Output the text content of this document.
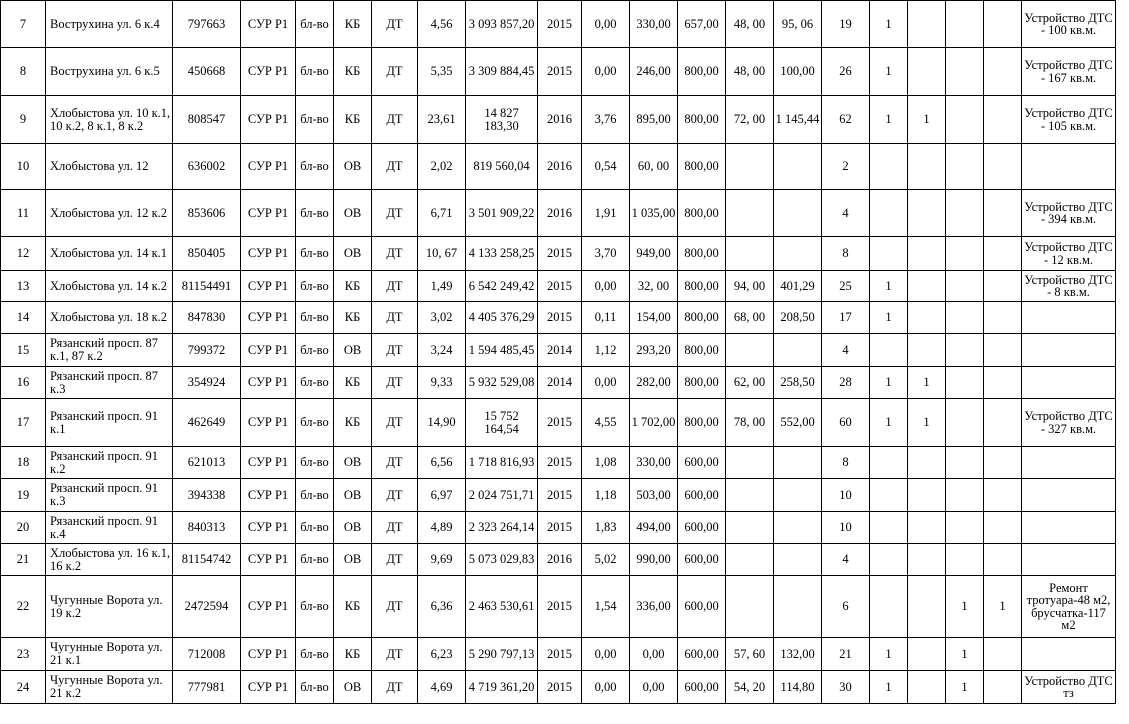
7	Вострухина ул. 6 к.4	797663	СУР Р1	бл-во	КБ	ДТ	4,56	3 093 857,20	2015	0,00	330,00	657,00	48, 00	95, 06	19	1				Устройство ДТС - 100 кв.м.
8	Вострухина ул. 6 к.5	450668	СУР Р1	бл-во	КБ	ДТ	5,35	3 309 884,45	2015	0,00	246,00	800,00	48, 00	100,00	26	1				Устройство ДТС - 167 кв.м.
9	Хлобыстова ул. 10 к.1, 10 к.2, 8 к.1, 8 к.2	808547	СУР Р1	бл-во	КБ	ДТ	23,61	14 827 183,30	2016	3,76	895,00	800,00	72, 00	1 145,44	62	1	1			Устройство ДТС - 105 кв.м.
10	Хлобыстова ул. 12	636002	СУР Р1	бл-во	ОВ	ДТ	2,02	819 560,04	2016	0,54	60, 00	800,00			2					
11	Хлобыстова ул. 12 к.2	853606	СУР Р1	бл-во	ОВ	ДТ	6,71	3 501 909,22	2016	1,91	1 035,00	800,00			4					Устройство ДТС - 394 кв.м.
12	Хлобыстова ул. 14 к.1	850405	СУР Р1	бл-во	ОВ	ДТ	10, 67	4 133 258,25	2015	3,70	949,00	800,00			8					Устройство ДТС - 12 кв.м.
13	Хлобыстова ул. 14 к.2	81154491	СУР Р1	бл-во	КБ	ДТ	1,49	6 542 249,42	2015	0,00	32, 00	800,00	94, 00	401,29	25	1				Устройство ДТС - 8 кв.м.
14	Хлобыстова ул. 18 к.2	847830	СУР Р1	бл-во	КБ	ДТ	3,02	4 405 376,29	2015	0,11	154,00	800,00	68, 00	208,50	17	1				
15	Рязанский просп. 87 к.1, 87 к.2	799372	СУР Р1	бл-во	ОВ	ДТ	3,24	1 594 485,45	2014	1,12	293,20	800,00			4					
16	Рязанский просп. 87 к.3	354924	СУР Р1	бл-во	КБ	ДТ	9,33	5 932 529,08	2014	0,00	282,00	800,00	62, 00	258,50	28	1	1			
17	Рязанский просп. 91 к.1	462649	СУР Р1	бл-во	КБ	ДТ	14,90	15 752 164,54	2015	4,55	1 702,00	800,00	78, 00	552,00	60	1	1			Устройство ДТС - 327 кв.м.
18	Рязанский просп. 91 к.2	621013	СУР Р1	бл-во	ОВ	ДТ	6,56	1 718 816,93	2015	1,08	330,00	600,00			8					
19	Рязанский просп. 91 к.3	394338	СУР Р1	бл-во	ОВ	ДТ	6,97	2 024 751,71	2015	1,18	503,00	600,00			10					
20	Рязанский просп. 91 к.4	840313	СУР Р1	бл-во	ОВ	ДТ	4,89	2 323 264,14	2015	1,83	494,00	600,00			10					
21	Хлобыстова ул. 16 к.1, 16 к.2	81154742	СУР Р1	бл-во	ОВ	ДТ	9,69	5 073 029,83	2016	5,02	990,00	600,00			4					
22	Чугунные Ворота ул. 19 к.2	2472594	СУР Р1	бл-во	КБ	ДТ	6,36	2 463 530,61	2015	1,54	336,00	600,00			6			1	1	Ремонт тротуара-48 м2, брусчатка-117 м2
23	Чугунные Ворота ул. 21 к.1	712008	СУР Р1	бл-во	КБ	ДТ	6,23	5 290 797,13	2015	0,00	0,00	600,00	57, 60	132,00	21	1		1		
24	Чугунные Ворота ул. 21 к.2	777981	СУР Р1	бл-во	ОВ	ДТ	4,69	4 719 361,20	2015	0,00	0,00	600,00	54, 20	114,80	30	1		1		Устройство ДТС тз
